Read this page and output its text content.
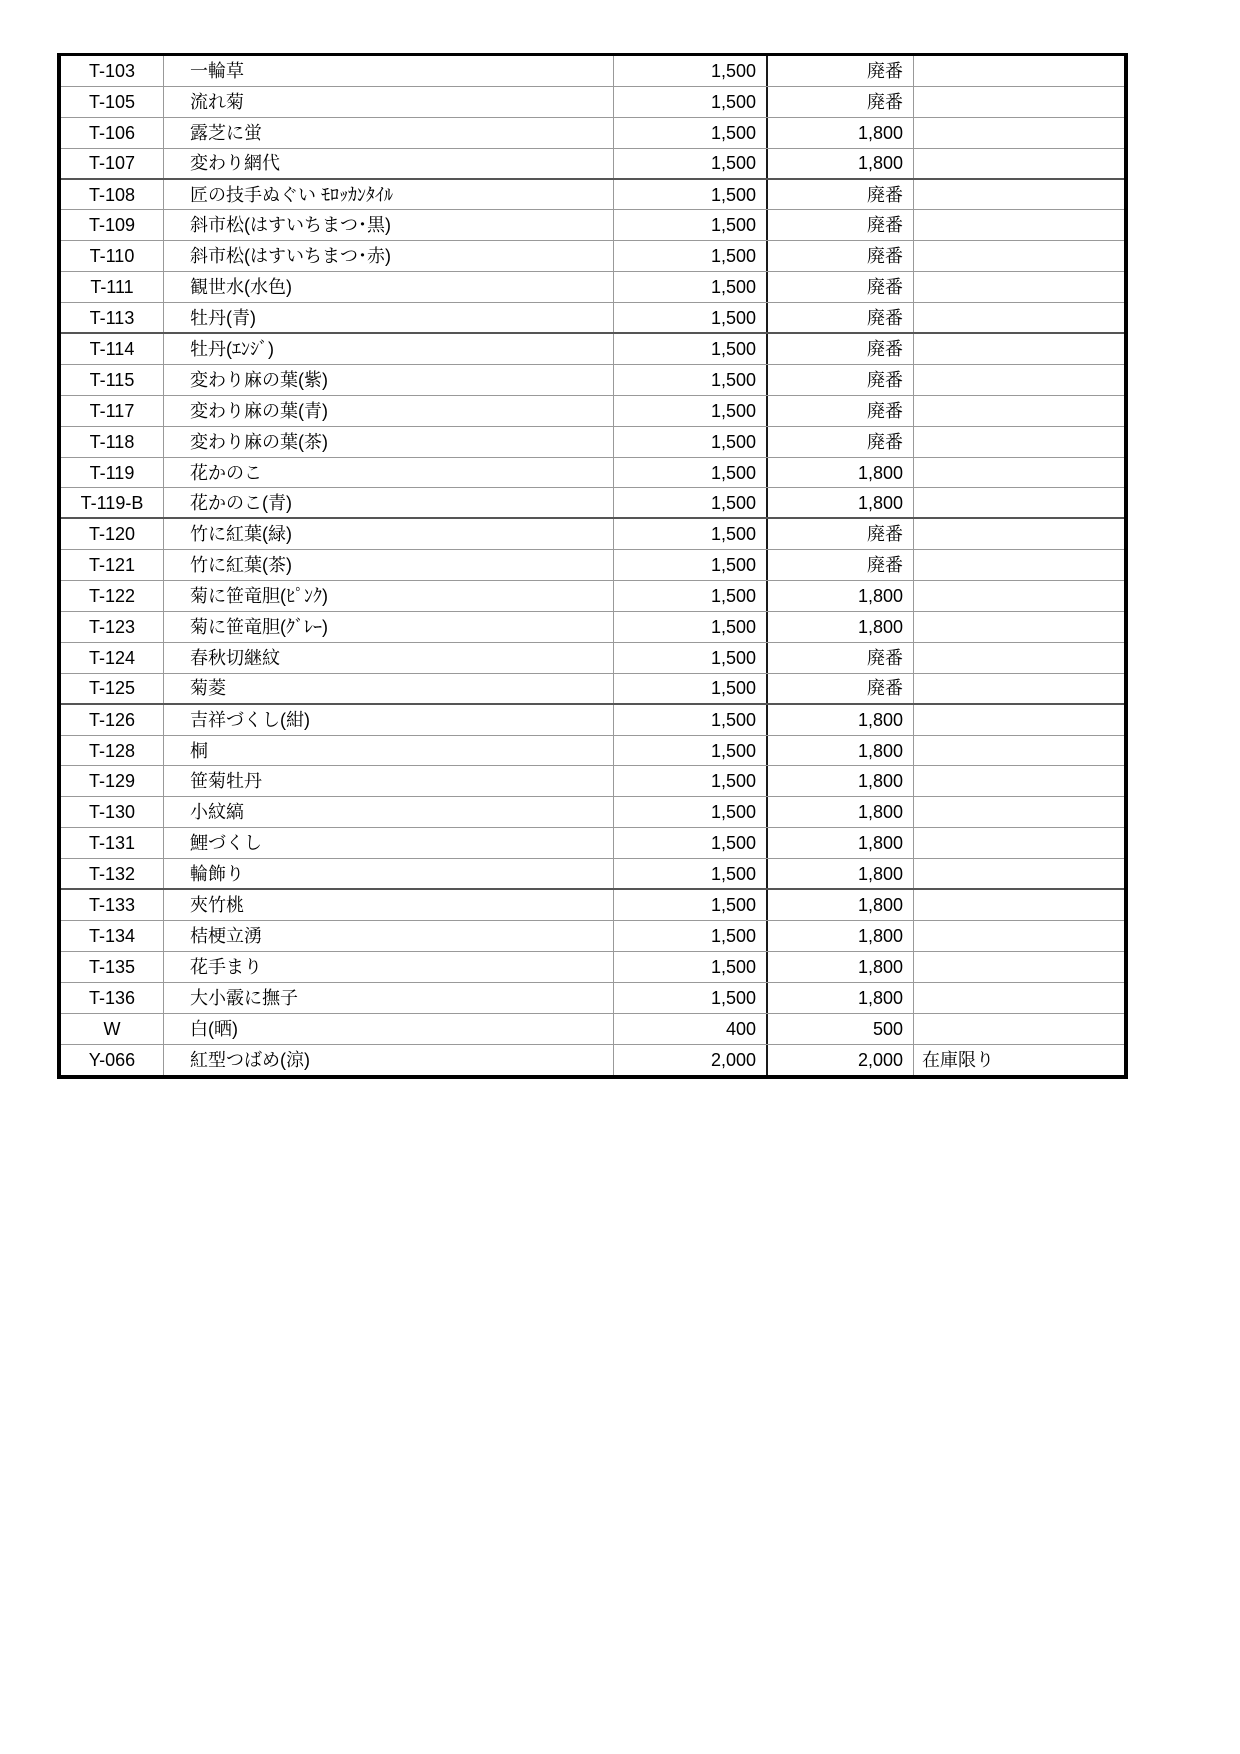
T-103	一輪草	1,500	廃番
T-105	流れ菊	1,500	廃番
T-106	露芝に蛍	1,500	1,800
T-107	変わり網代	1,500	1,800
T-108	匠の技手ぬぐい ﾓﾛｯｶﾝﾀｲﾙ	1,500	廃番
T-109	斜市松(はすいちまつ･黒)	1,500	廃番
T-110	斜市松(はすいちまつ･赤)	1,500	廃番
T-111	観世水(水色)	1,500	廃番
T-113	牡丹(青)	1,500	廃番
T-114	牡丹(ｴﾝｼﾞ)	1,500	廃番
T-115	変わり麻の葉(紫)	1,500	廃番
T-117	変わり麻の葉(青)	1,500	廃番
T-118	変わり麻の葉(茶)	1,500	廃番
T-119	花かのこ	1,500	1,800
T-119-B	花かのこ(青)	1,500	1,800
T-120	竹に紅葉(緑)	1,500	廃番
T-121	竹に紅葉(茶)	1,500	廃番
T-122	菊に笹竜胆(ﾋﾟﾝｸ)	1,500	1,800
T-123	菊に笹竜胆(ｸﾞﾚｰ)	1,500	1,800
T-124	春秋切継紋	1,500	廃番
T-125	菊菱	1,500	廃番
T-126	吉祥づくし(紺)	1,500	1,800
T-128	桐	1,500	1,800
T-129	笹菊牡丹	1,500	1,800
T-130	小紋縞	1,500	1,800
T-131	鯉づくし	1,500	1,800
T-132	輪飾り	1,500	1,800
T-133	夾竹桃	1,500	1,800
T-134	桔梗立湧	1,500	1,800
T-135	花手まり	1,500	1,800
T-136	大小霰に撫子	1,500	1,800
W	白(晒)	400	500
Y-066	紅型つばめ(涼)	2,000	2,000	在庫限り
